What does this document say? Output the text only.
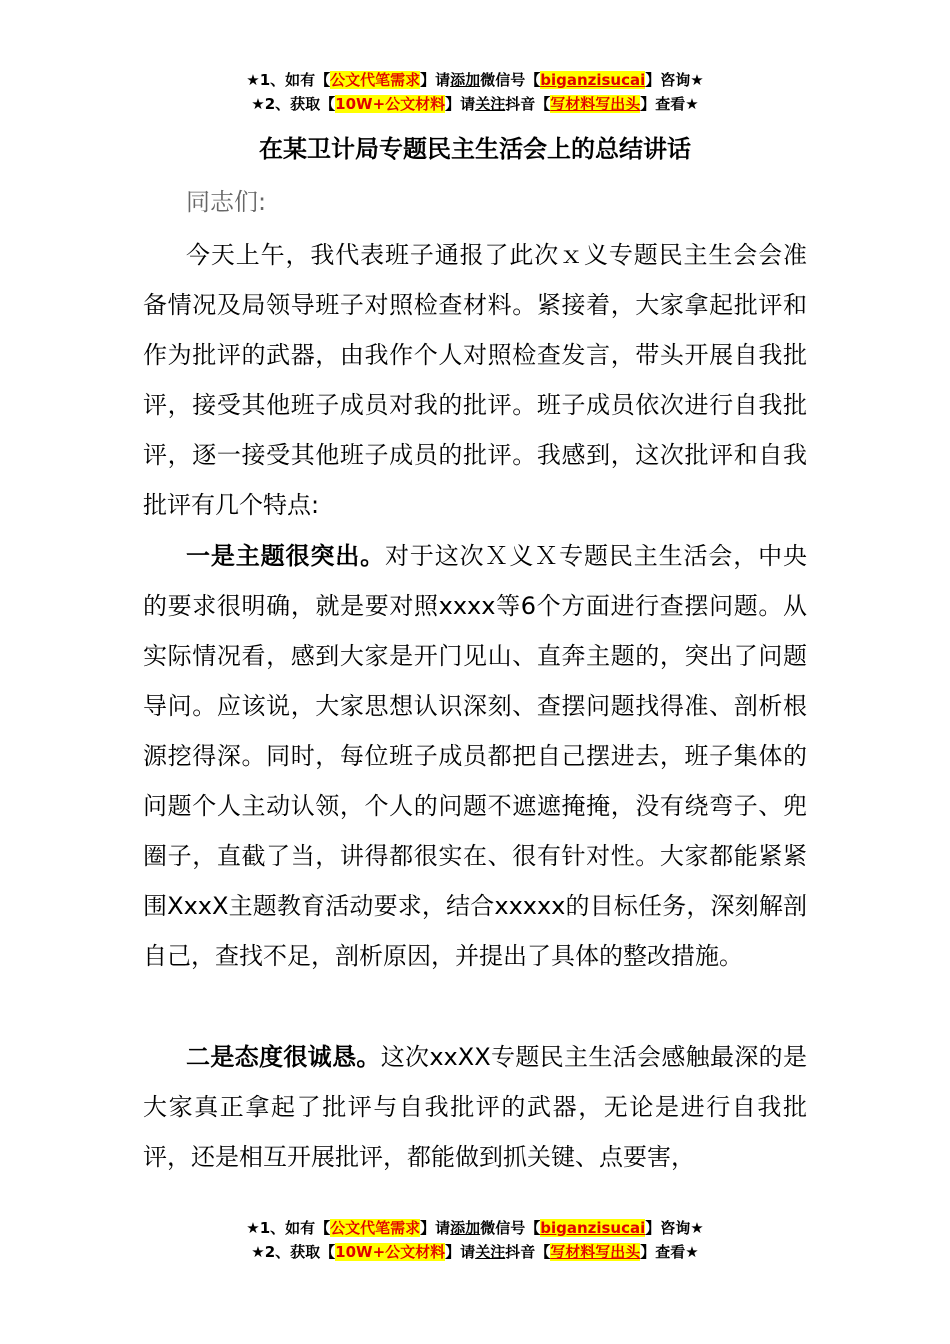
★1、如有【公文代笔需求】请添加微信号【biganzisucai】咨询★
★2、获取【10W+公文材料】请关注抖音【写材料写出头】查看★
在某卫计局专题民主生活会上的总结讲话
同志们:
今天上午，我代表班子通报了此次ｘ义专题民主生会会准备情况及局领导班子对照检查材料。紧接着，大家拿起批评和作为批评的武器，由我作个人对照检查发言，带头开展自我批评，接受其他班子成员对我的批评。班子成员依次进行自我批评，逐一接受其他班子成员的批评。我感到，这次批评和自我批评有几个特点:
一是主题很突出。对于这次Ｘ义Ｘ专题民主生活会，中央的要求很明确，就是要对照xxxx等6个方面进行查摆问题。从实际情况看，感到大家是开门见山、直奔主题的，突出了问题导问。应该说，大家思想认识深刻、查摆问题找得准、剖析根源挖得深。同时，每位班子成员都把自己摆进去，班子集体的问题个人主动认领，个人的问题不遮遮掩掩，没有绕弯子、兜圈子，直截了当，讲得都很实在、很有针对性。大家都能紧紧围XxxX主题教育活动要求，结合xxxxx的目标任务，深刻解剖自己，查找不足，剖析原因，并提出了具体的整改措施。
二是态度很诚恳。这次xxXX专题民主生活会感触最深的是大家真正拿起了批评与自我批评的武器，无论是进行自我批评，还是相互开展批评，都能做到抓关键、点要害，
★1、如有【公文代笔需求】请添加微信号【biganzisucai】咨询★
★2、获取【10W+公文材料】请关注抖音【写材料写出头】查看★
